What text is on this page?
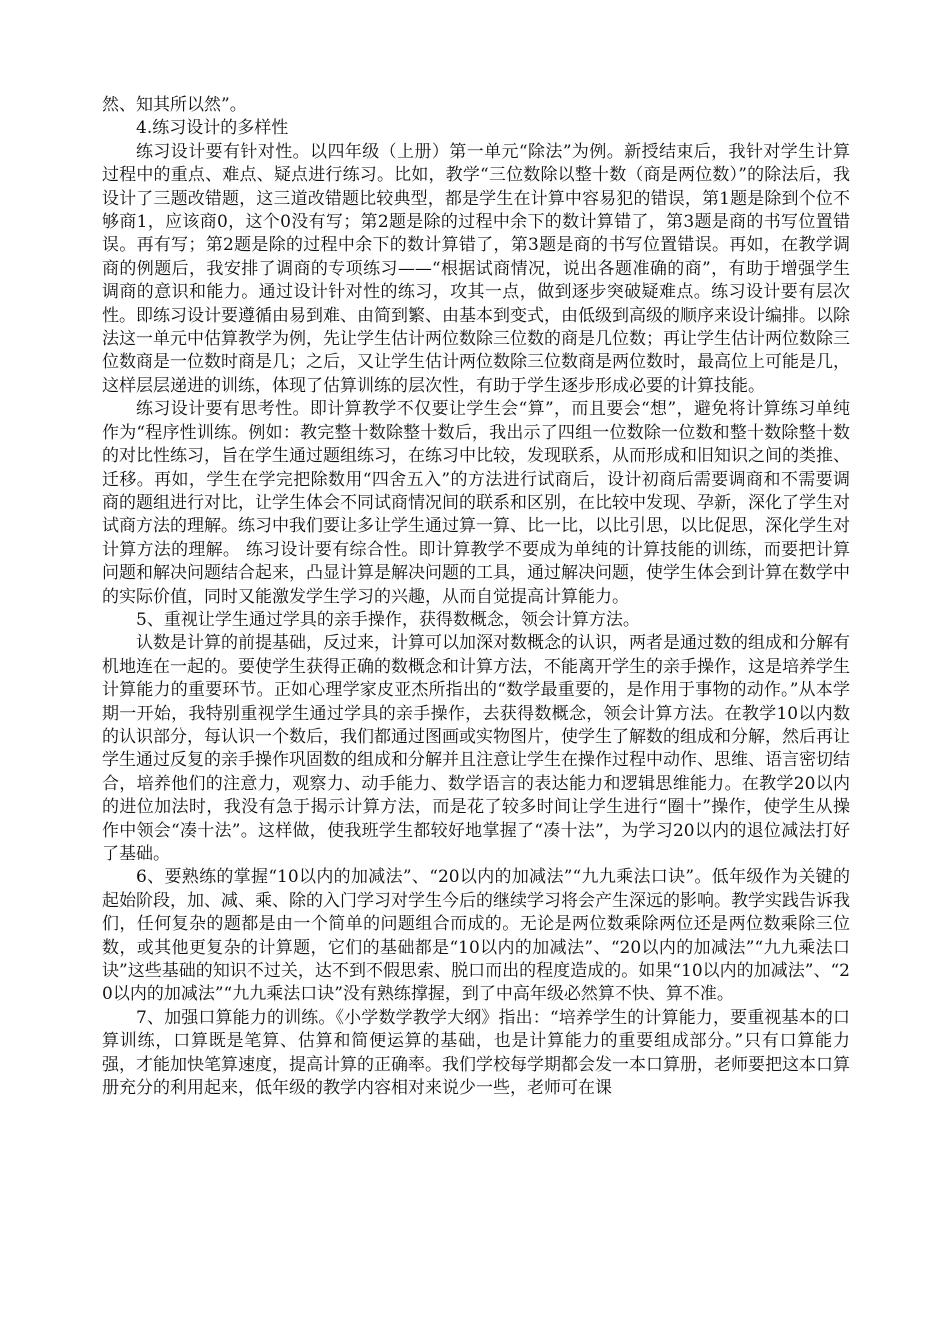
然、知其所以然”。

4.练习设计的多样性

练习设计要有针对性。以四年级（上册）第一单元“除法”为例。新授结束后，我针对学生计算过程中的重点、难点、疑点进行练习。比如，教学“三位数除以整十数（商是两位数）”的除法后，我设计了三题改错题，这三道改错题比较典型，都是学生在计算中容易犯的错误，第1题是除到个位不够商1，应该商0，这个0没有写；第2题是除的过程中余下的数计算错了，第3题是商的书写位置错误。再有写；第2题是除的过程中余下的数计算错了，第3题是商的书写位置错误。再如，在教学调商的例题后，我安排了调商的专项练习——“根据试商情况，说出各题准确的商”，有助于增强学生调商的意识和能力。通过设计针对性的练习，攻其一点，做到逐步突破疑难点。练习设计要有层次性。即练习设计要遵循由易到难、由简到繁、由基本到变式，由低级到高级的顺序来设计编排。以除法这一单元中估算教学为例，先让学生估计两位数除三位数的商是几位数；再让学生估计两位数除三位数商是一位数时商是几；之后，又让学生估计两位数除三位数商是两位数时，最高位上可能是几，这样层层递进的训练，体现了估算训练的层次性，有助于学生逐步形成必要的计算技能。

练习设计要有思考性。即计算教学不仅要让学生会“算”，而且要会“想”，避免将计算练习单纯作为“程序性训练。例如：教完整十数除整十数后，我出示了四组一位数除一位数和整十数除整十数的对比性练习，旨在学生通过题组练习，在练习中比较，发现联系，从而形成和旧知识之间的类推、迁移。再如，学生在学完把除数用“四舍五入”的方法进行试商后，设计初商后需要调商和不需要调商的题组进行对比，让学生体会不同试商情况间的联系和区别，在比较中发现、孕新，深化了学生对试商方法的理解。练习中我们要让多让学生通过算一算、比一比，以比引思，以比促思，深化学生对计算方法的理解。 练习设计要有综合性。即计算教学不要成为单纯的计算技能的训练，而要把计算问题和解决问题结合起来，凸显计算是解决问题的工具，通过解决问题，使学生体会到计算在数学中的实际价值，同时又能激发学生学习的兴趣，从而自觉提高计算能力。

5、重视让学生通过学具的亲手操作，获得数概念，领会计算方法。

认数是计算的前提基础，反过来，计算可以加深对数概念的认识，两者是通过数的组成和分解有机地连在一起的。要使学生获得正确的数概念和计算方法，不能离开学生的亲手操作，这是培养学生计算能力的重要环节。正如心理学家皮亚杰所指出的“数学最重要的，是作用于事物的动作。”从本学期一开始，我特别重视学生通过学具的亲手操作，去获得数概念，领会计算方法。在教学10以内数的认识部分，每认识一个数后，我们都通过图画或实物图片，使学生了解数的组成和分解，然后再让学生通过反复的亲手操作巩固数的组成和分解并且注意让学生在操作过程中动作、思维、语言密切结合，培养他们的注意力，观察力、动手能力、数学语言的表达能力和逻辑思维能力。在教学20以内的进位加法时，我没有急于揭示计算方法，而是花了较多时间让学生进行“圈十”操作，使学生从操作中领会“凑十法”。这样做，使我班学生都较好地掌握了“凑十法”，为学习20以内的退位减法打好了基础。

6、要熟练的掌握“10以内的加减法”、“20以内的加减法”“九九乘法口诀”。低年级作为关键的起始阶段，加、减、乘、除的入门学习对学生今后的继续学习将会产生深远的影响。教学实践告诉我们，任何复杂的题都是由一个简单的问题组合而成的。无论是两位数乘除两位还是两位数乘除三位数，或其他更复杂的计算题，它们的基础都是“10以内的加减法”、“20以内的加减法”“九九乘法口诀”这些基础的知识不过关，达不到不假思索、脱口而出的程度造成的。如果“10以内的加减法”、“20以内的加减法”“九九乘法口诀”没有熟练撑握，到了中高年级必然算不快、算不准。

7、加强口算能力的训练。《小学数学教学大纲》指出：“培养学生的计算能力，要重视基本的口算训练，口算既是笔算、估算和简便运算的基础，也是计算能力的重要组成部分。”只有口算能力强，才能加快笔算速度，提高计算的正确率。我们学校每学期都会发一本口算册，老师要把这本口算册充分的利用起来，低年级的教学内容相对来说少一些，老师可在课
